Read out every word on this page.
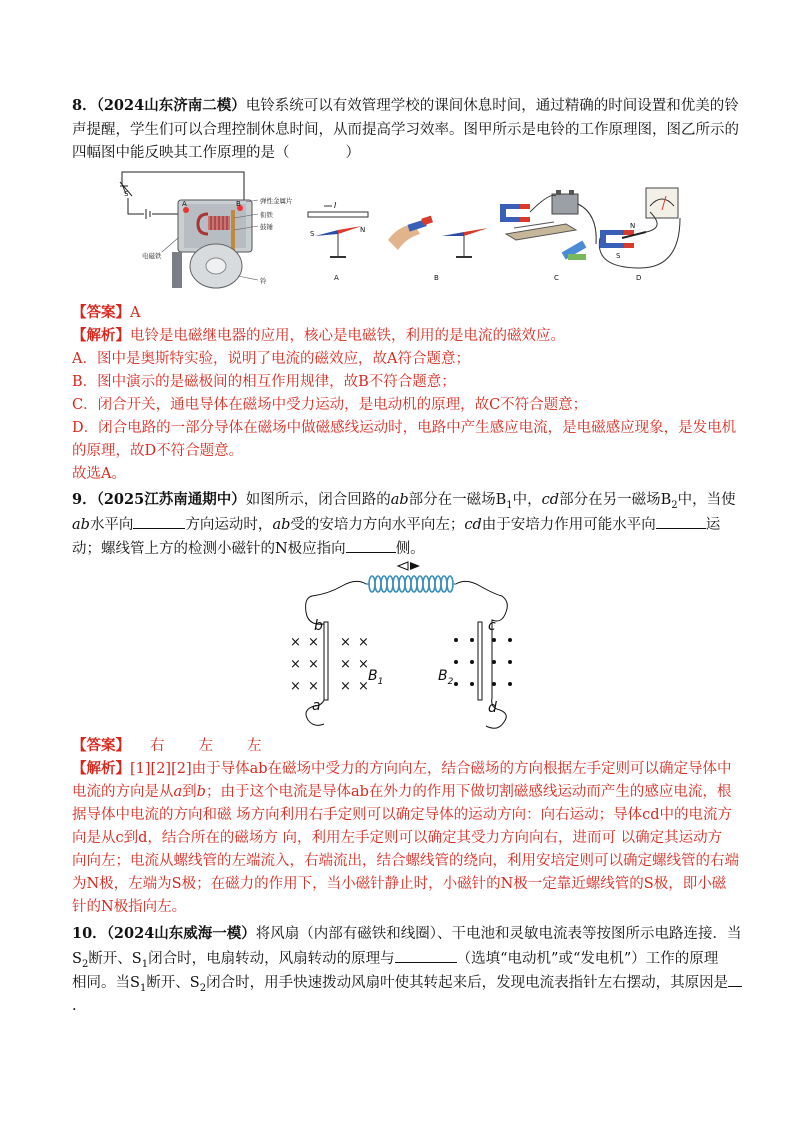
8．（2024山东济南二模）电铃系统可以有效管理学校的课间休息时间，通过精确的时间设置和优美的铃
声提醒，学生们可以合理控制休息时间，从而提高学习效率。图甲所示是电铃的工作原理图，图乙所示的
四幅图中能反映其工作原理的是（	）
A	B
S
弹性金属片
衔铁
鼓锤
电磁铁
铃
I
S	N
A	B	C
N
S
D
【答案】A
【解析】电铃是电磁继电器的应用，核心是电磁铁，利用的是电流的磁效应。
A．图中是奥斯特实验，说明了电流的磁效应，故A符合题意；
B．图中演示的是磁极间的相互作用规律，故B不符合题意；
C．闭合开关，通电导体在磁场中受力运动，是电动机的原理，故C不符合题意；
D．闭合电路的一部分导体在磁场中做磁感线运动时，电路中产生感应电流，是电磁感应现象，是发电机
的原理，故D不符合题意。
故选A。
9．（2025江苏南通期中）如图所示，闭合回路的ab部分在一磁场$B_1$中，cd部分在另一磁场$B_2$中，当使
ab水平向	方向运动时，ab受的安培力方向水平向左；cd由于安培力作用可能水平向	运
动；螺线管上方的检测小磁针的N极应指向	侧。
× × × ×
× × × ×
× × × ×
b
a
c
d
$B_1$	$B_2$
【答案】 右 左 左
【解析】[1][2][2]由于导体ab在磁场中受力的方向向左，结合磁场的方向根据左手定则可以确定导体中
电流的方向是从a到b；由于这个电流是导体ab在外力的作用下做切割磁感线运动而产生的感应电流，根
据导体中电流的方向和磁 场方向利用右手定则可以确定导体的运动方向：向右运动；导体cd中的电流方
向是从c到d，结合所在的磁场方 向，利用左手定则可以确定其受力方向向右，进而可 以确定其运动方
向向左；电流从螺线管的左端流入，右端流出，结合螺线管的绕向，利用安培定则可以确定螺线管的右端
为N极，左端为S极；在磁力的作用下，当小磁针静止时，小磁针的N极一定靠近螺线管的S极，即小磁
针的N极指向左。
10．（2024山东威海一模）将风扇（内部有磁铁和线圈）、干电池和灵敏电流表等按图所示电路连接．当
$S_2$断开、$S_1$闭合时，电扇转动，风扇转动的原理与	（选填“电动机”或“发电机”）工作的原理
相同。当$S_1$断开、$S_2$闭合时，用手快速拨动风扇叶使其转起来后，发现电流表指针左右摆动，其原因是
.
